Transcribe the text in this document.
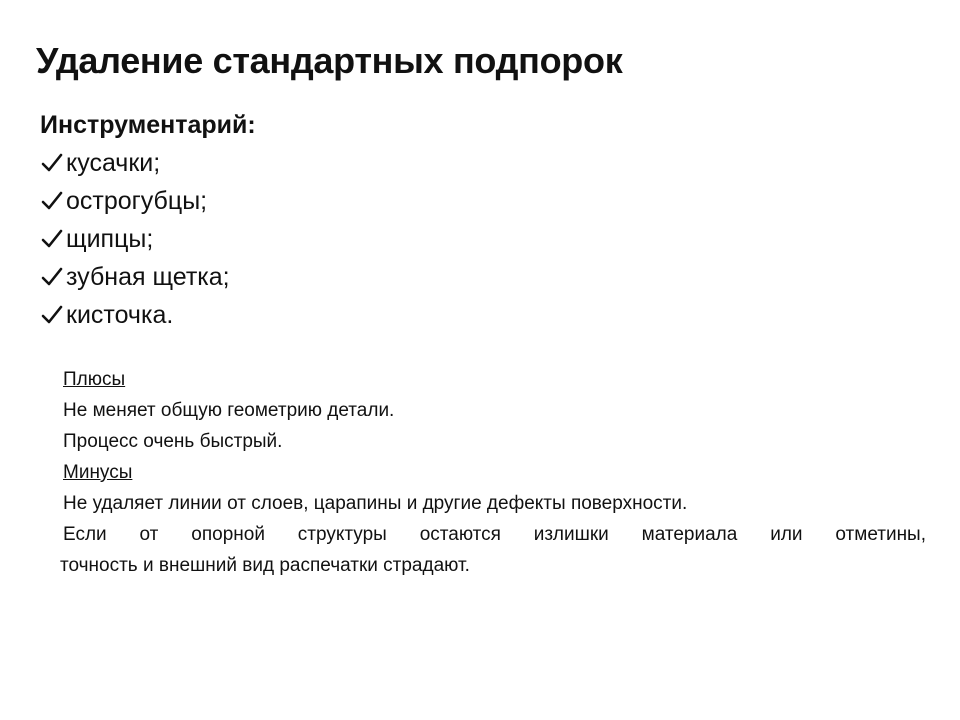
Удаление стандартных подпорок
Инструментарий:
кусачки;
острогубцы;
щипцы;
зубная щетка;
кисточка.
Плюсы
Не меняет общую геометрию детали.
Процесс очень быстрый.
Минусы
Не удаляет линии от слоев, царапины и другие дефекты поверхности.
Если от опорной структуры остаются излишки материала или отметины,
точность и внешний вид распечатки страдают.
